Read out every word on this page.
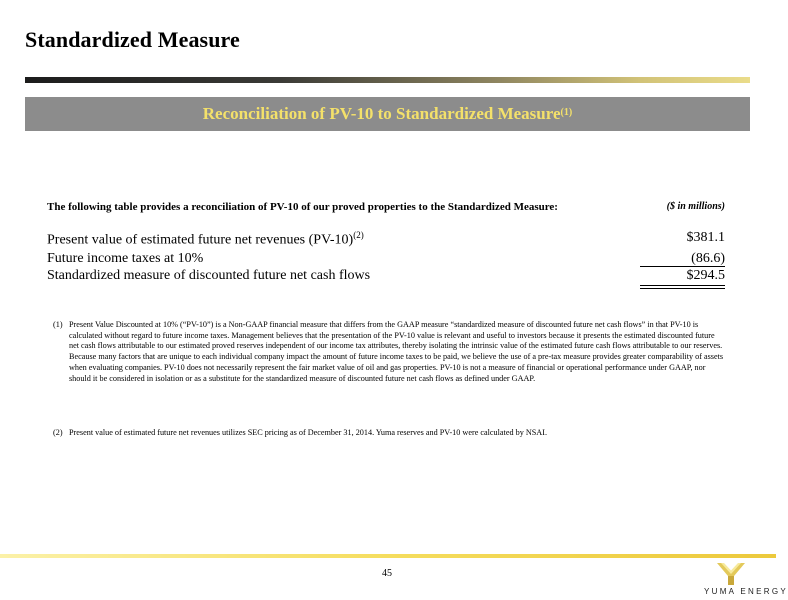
Standardized Measure
Reconciliation of PV-10 to Standardized Measure$^{(1)}$
The following table provides a reconciliation of PV-10 of our proved properties to the Standardized Measure:	($ in millions)
Present value of estimated future net revenues $(PV-10)^{(2)}$	$381.1
Future income taxes at 10%	(86.6)
Standardized measure of discounted future net cash flows	$294.5
(1) Present Value Discounted at 10% (“PV-10”) is a Non-GAAP financial measure that differs from the GAAP measure “standardized measure of discounted future net cash flows” in that PV-10 is calculated without regard to future income taxes. Management believes that the presentation of the PV-10 value is relevant and useful to investors because it presents the estimated discounted future net cash flows attributable to our estimated proved reserves independent of our income tax attributes, thereby isolating the intrinsic value of the estimated future cash flows attributable to our reserves. Because many factors that are unique to each individual company impact the amount of future income taxes to be paid, we believe the use of a pre-tax measure provides greater comparability of assets when evaluating companies. PV-10 does not necessarily represent the fair market value of oil and gas properties. PV-10 is not a measure of financial or operational performance under GAAP, nor should it be considered in isolation or as a substitute for the standardized measure of discounted future net cash flows as defined under GAAP.
(2) Present value of estimated future net revenues utilizes SEC pricing as of December 31, 2014. Yuma reserves and PV-10 were calculated by NSAI.
45
YUMA ENERGY
